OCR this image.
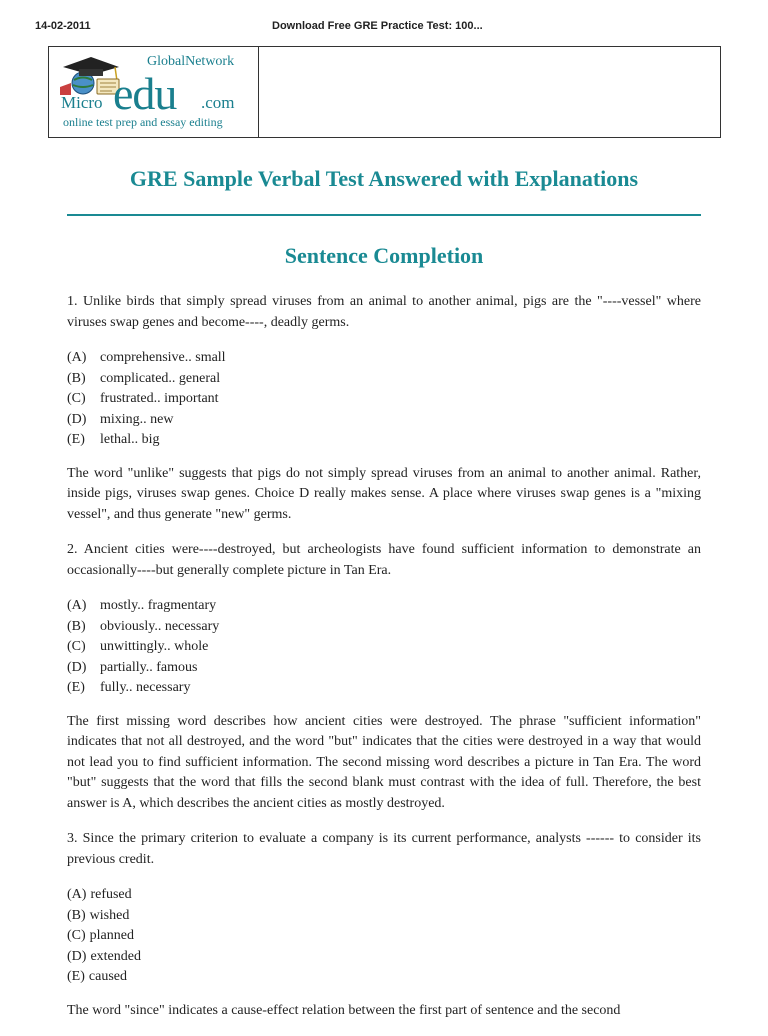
14-02-2011	Download Free GRE Practice Test: 100...
GlobalNetwork
Micro edu .com
online test prep and essay editing
GRE Sample Verbal Test Answered with Explanations
Sentence Completion

1. Unlike birds that simply spread viruses from an animal to another animal, pigs are the "----vessel" where viruses swap genes and become----, deadly germs.

(A) comprehensive.. small
(B) complicated.. general
(C) frustrated.. important
(D) mixing.. new
(E) lethal.. big

The word "unlike" suggests that pigs do not simply spread viruses from an animal to another animal. Rather, inside pigs, viruses swap genes. Choice D really makes sense. A place where viruses swap genes is a "mixing vessel", and thus generate "new" germs.

2. Ancient cities were----destroyed, but archeologists have found sufficient information to demonstrate an occasionally----but generally complete picture in Tan Era.

(A) mostly.. fragmentary
(B) obviously.. necessary
(C) unwittingly.. whole
(D) partially.. famous
(E) fully.. necessary

The first missing word describes how ancient cities were destroyed. The phrase "sufficient information" indicates that not all destroyed, and the word "but" indicates that the cities were destroyed in a way that would not lead you to find sufficient information. The second missing word describes a picture in Tan Era. The word "but" suggests that the word that fills the second blank must contrast with the idea of full. Therefore, the best answer is A, which describes the ancient cities as mostly destroyed.

3. Since the primary criterion to evaluate a company is its current performance, analysts ------ to consider its previous credit.

(A) refused
(B) wished
(C) planned
(D) extended
(E) caused

The word "since" indicates a cause-effect relation between the first part of sentence and the second
